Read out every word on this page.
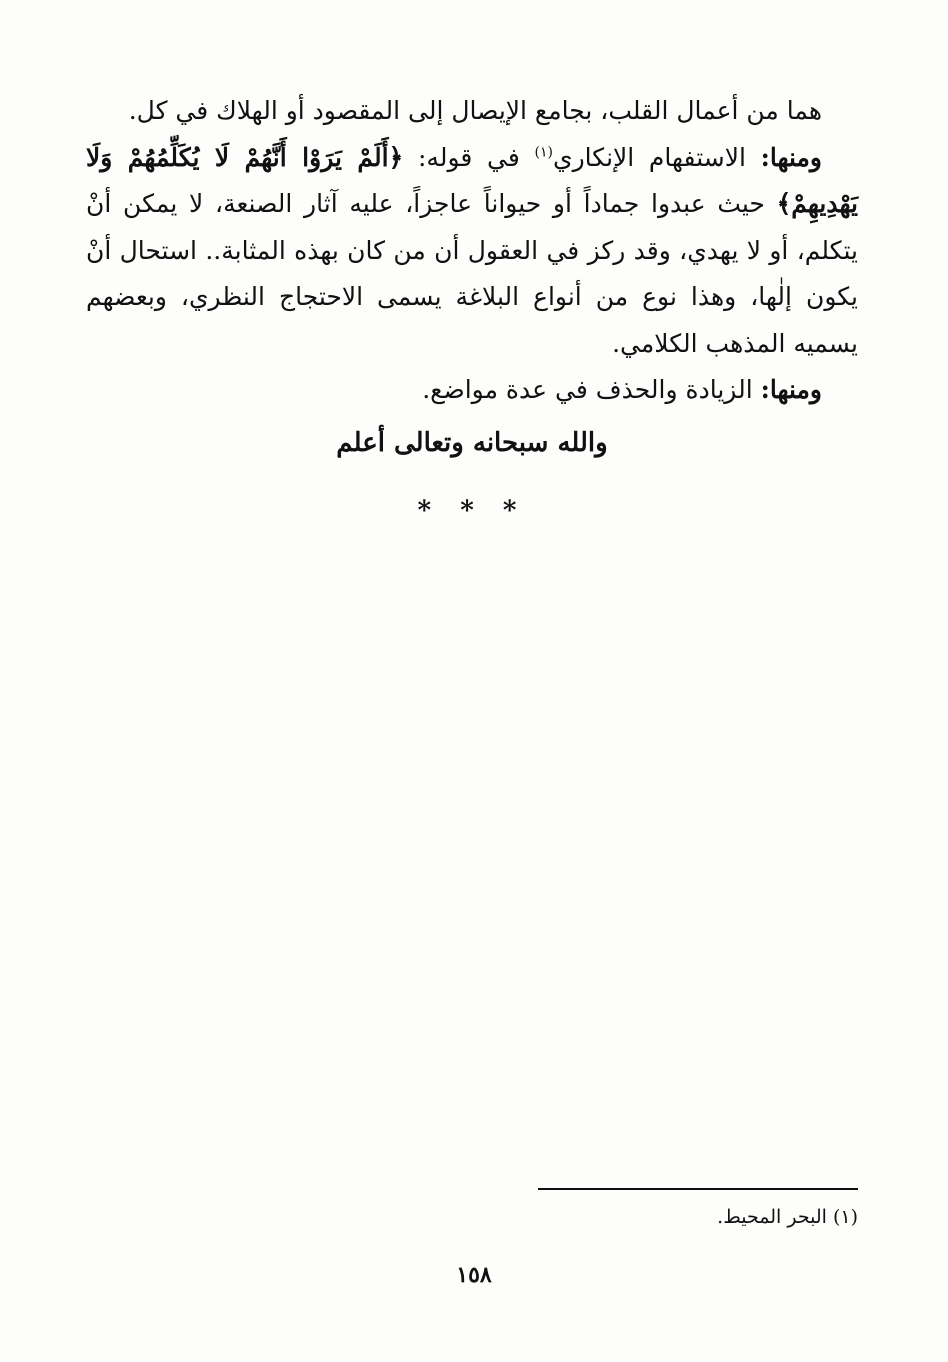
هما من أعمال القلب، بجامع الإيصال إلى المقصود أو الهلاك في كل.

ومنها: الاستفهام الإنكاري$^{(١)}$ في قوله: ﴿أَلَمْ يَرَوْا أَنَّهُمْ لَا يُكَلِّمُهُمْ وَلَا يَهْدِيهِمْ﴾ حيث عبدوا جماداً أو حيواناً عاجزاً، عليه آثار الصنعة، لا يمكن أنْ يتكلم، أو لا يهدي، وقد ركز في العقول أن من كان بهذه المثابة.. استحال أنْ يكون إلٰها، وهذا نوع من أنواع البلاغة يسمى الاحتجاج النظري، وبعضهم يسميه المذهب الكلامي.

ومنها: الزيادة والحذف في عدة مواضع.

والله سبحانه وتعالى أعلم
* * *
(١) البحر المحيط.
١٥٨
